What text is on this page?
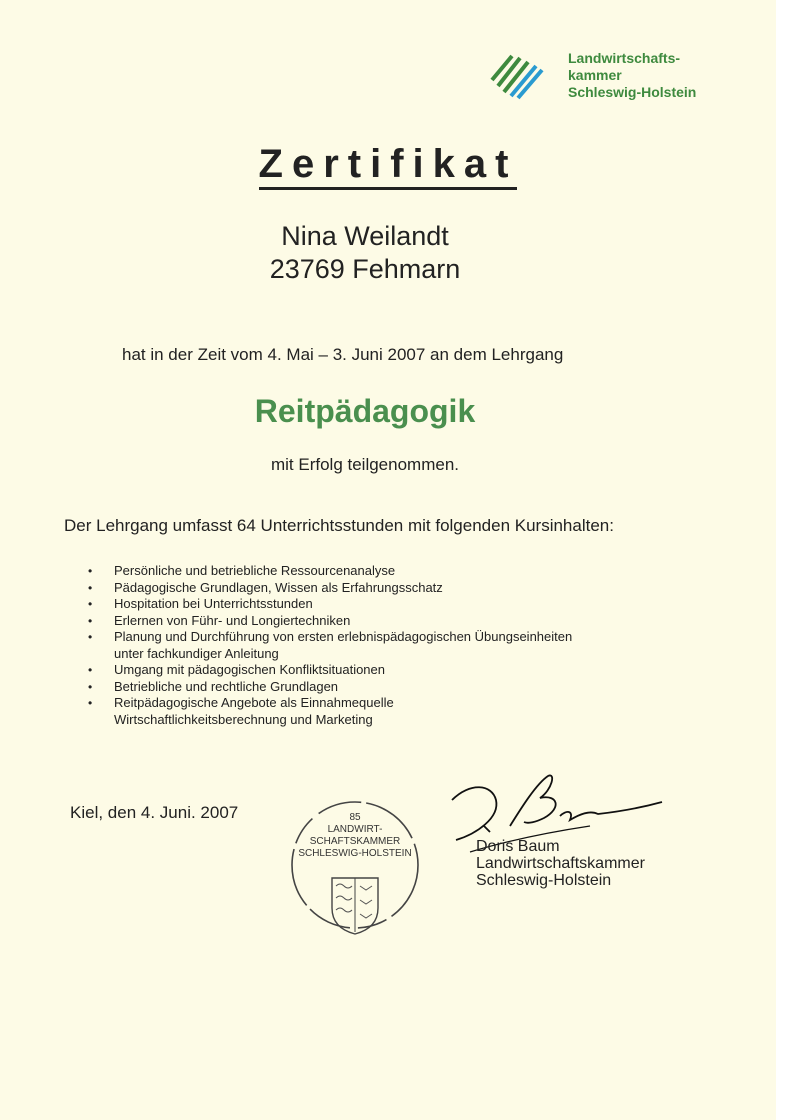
Landwirtschafts-
kammer
Schleswig-Holstein
Zertifikat
Nina Weilandt
23769 Fehmarn
hat in der Zeit vom 4. Mai – 3. Juni 2007 an dem Lehrgang
Reitpädagogik
mit Erfolg teilgenommen.
Der Lehrgang umfasst 64 Unterrichtsstunden mit folgenden Kursinhalten:
• Persönliche und betriebliche Ressourcenanalyse
• Pädagogische Grundlagen, Wissen als Erfahrungsschatz
• Hospitation bei Unterrichtsstunden
• Erlernen von Führ- und Longiertechniken
• Planung und Durchführung von ersten erlebnispädagogischen Übungseinheiten
unter fachkundiger Anleitung
• Umgang mit pädagogischen Konfliktsituationen
• Betriebliche und rechtliche Grundlagen
• Reitpädagogische Angebote als Einnahmequelle
Wirtschaftlichkeitsberechnung und Marketing
Kiel, den 4. Juni. 2007	85
LANDWIRT-
SCHAFTSKAMMER
SCHLESWIG-HOLSTEIN	Doris Baum
Landwirtschaftskammer
Schleswig-Holstein
